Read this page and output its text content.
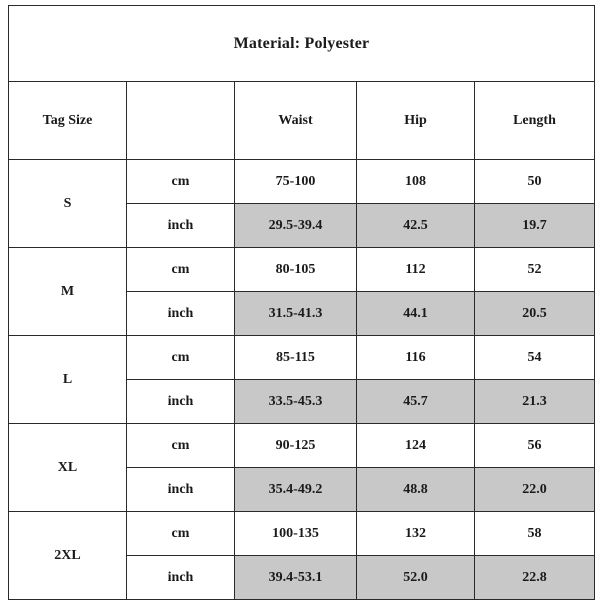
Material: Polyester				
Tag Size		Waist	Hip	Length
S	cm	75-100	108	50
	inch	29.5-39.4	42.5	19.7
M	cm	80-105	112	52
	inch	31.5-41.3	44.1	20.5
L	cm	85-115	116	54
	inch	33.5-45.3	45.7	21.3
XL	cm	90-125	124	56
	inch	35.4-49.2	48.8	22.0
2XL	cm	100-135	132	58
	inch	39.4-53.1	52.0	22.8
